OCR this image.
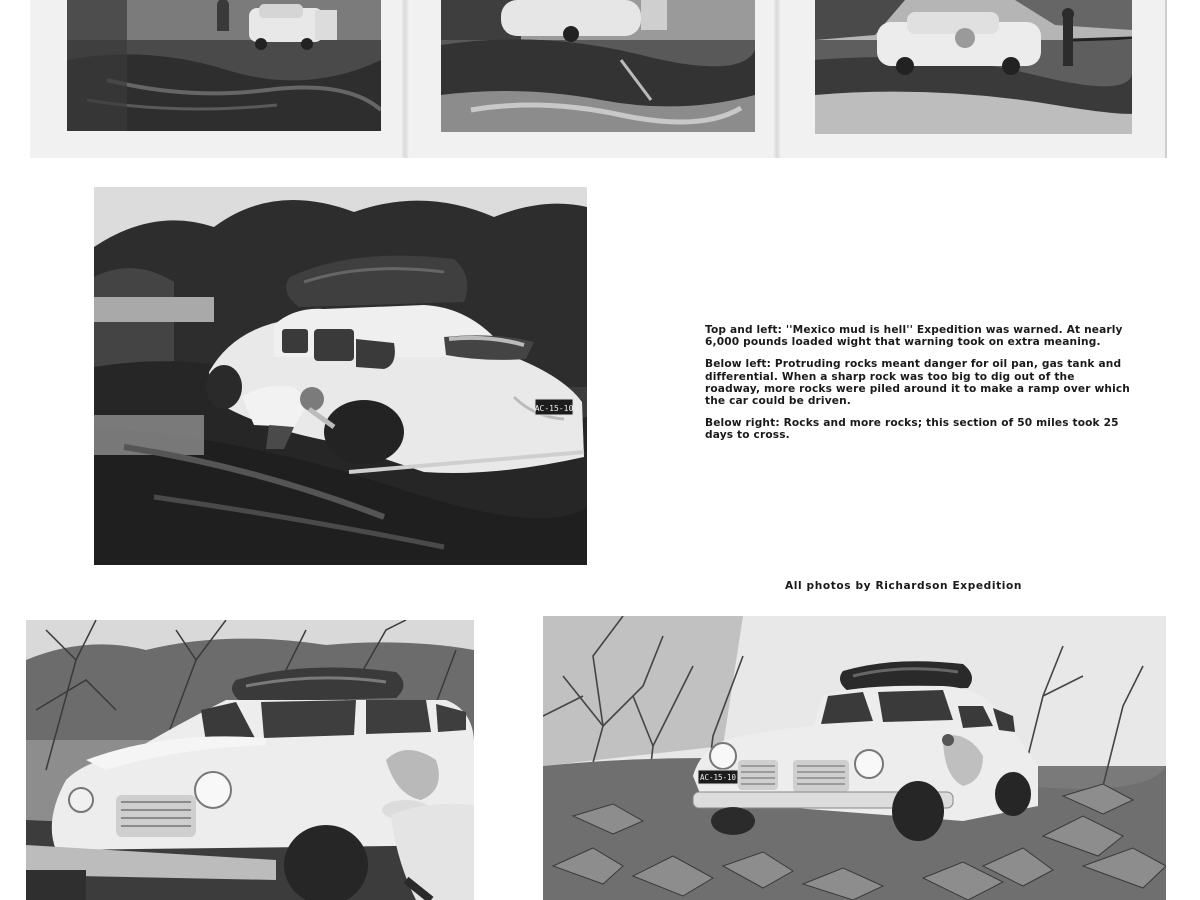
AC-15-10

Top and left: ''Mexico mud is hell'' Expedition was warned. At nearly 6,000 pounds loaded wight that warning took on extra meaning.

Below left: Protruding rocks meant danger for oil pan, gas tank and differential. When a sharp rock was too big to dig out of the roadway, more rocks were piled around it to make a ramp over which the car could be driven.

Below right: Rocks and more rocks; this section of 50 miles took 25 days to cross.

All photos by Richardson Expedition
AC-15-10
